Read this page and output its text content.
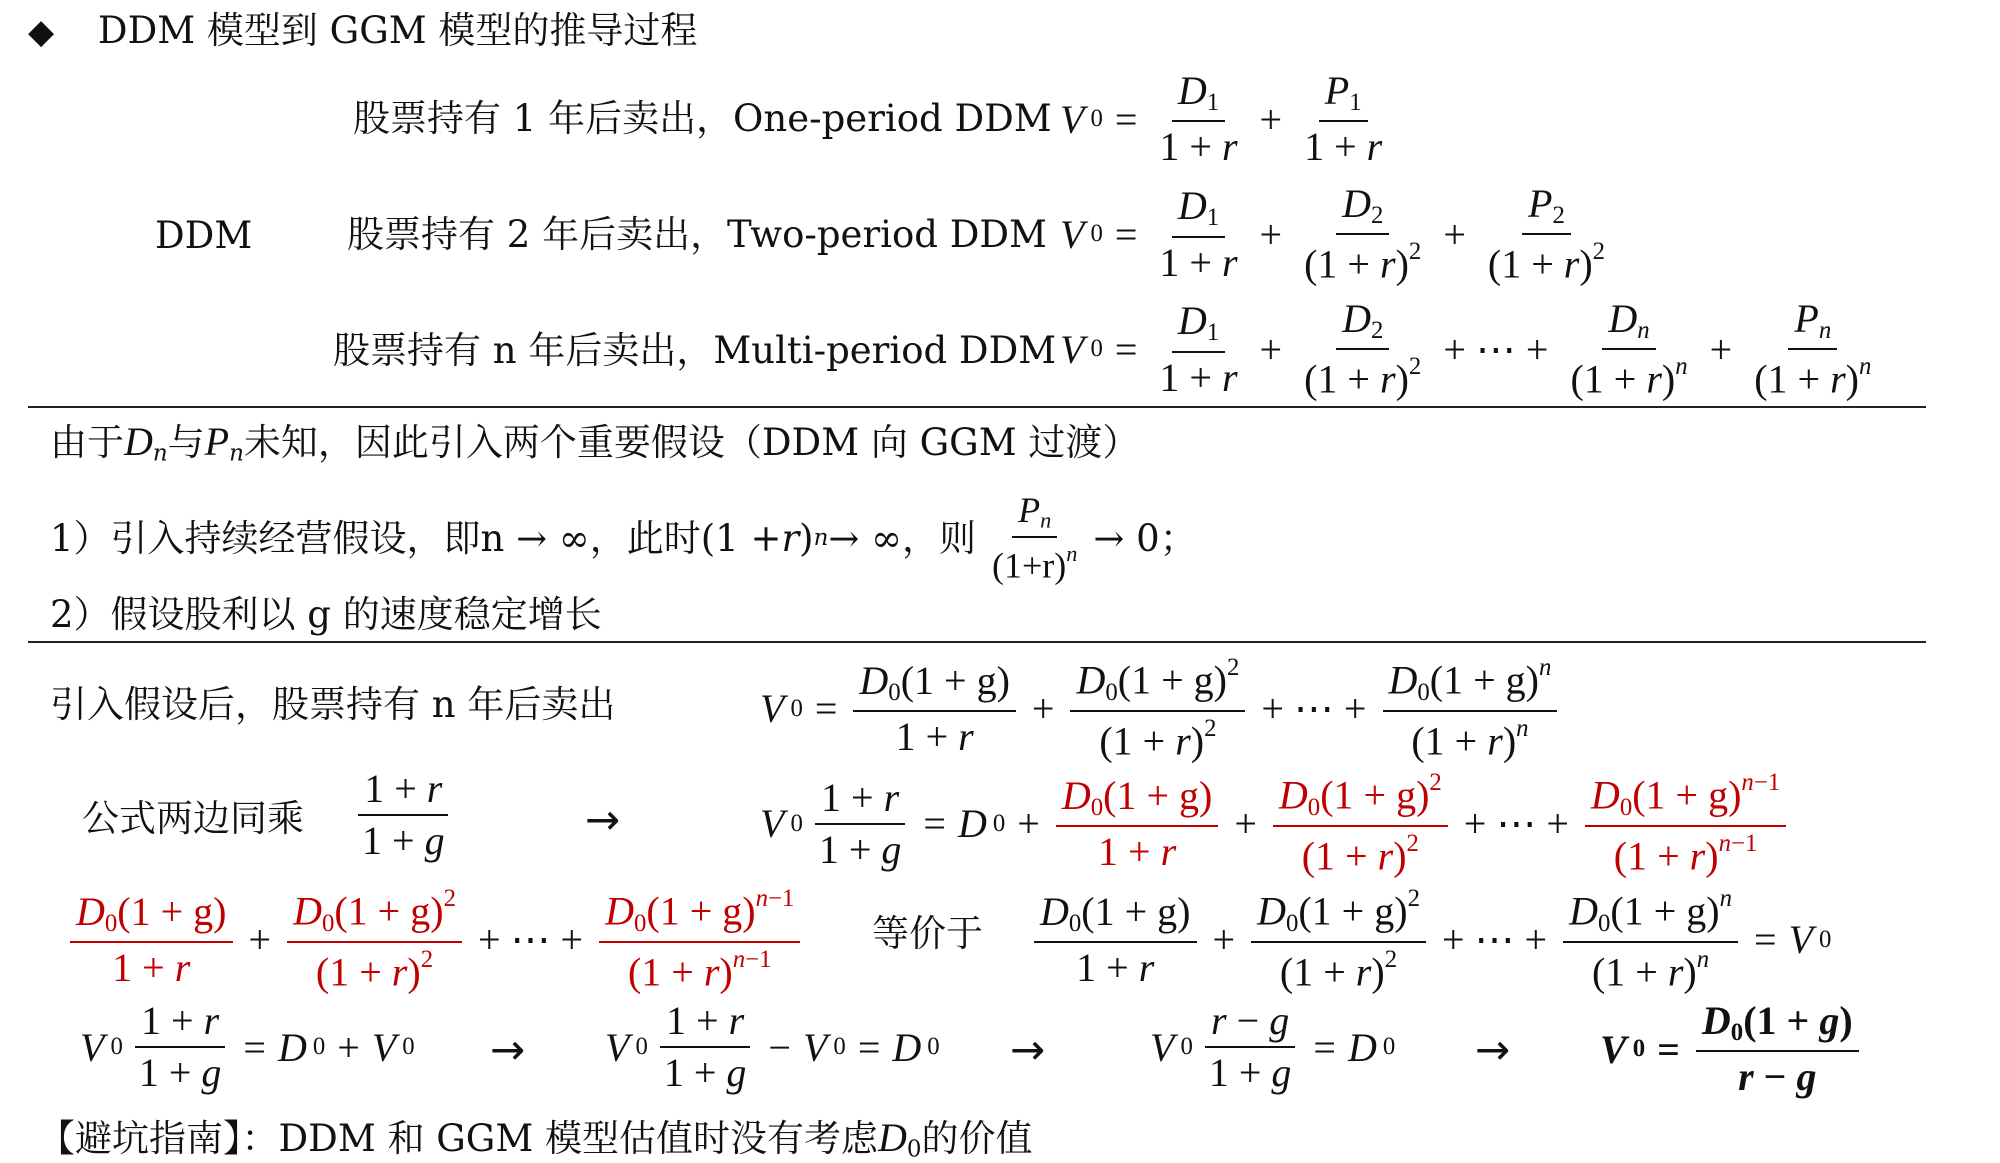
◆ DDM 模型到 GGM 模型的推导过程
DDM
股票持有 1 年后卖出，One-period DDM V $0 = \frac{D_1}{1 + r} + \frac{P_1}{1 + r}$
股票持有 2 年后卖出，Two-period DDM V $0 = \frac{D_1}{1 + r} + \frac{D_2}{(1 + r)^2} + \frac{P_2}{(1 + r)^2}$
股票持有 n 年后卖出，Multi-period DDM V $0 = \frac{D_1}{1 + r} + \frac{D_2}{(1 + r)^2}$ + ⋯ + $\frac{D_n}{(1 + r)^n} + \frac{P_n}{(1 + r)^n}$
由于$D_n$与$P_n$未知，因此引入两个重要假设（DDM 向 GGM 过渡）
1）引入持续经营假设，即n → ∞，此时(1 + r ) n → ∞，则 $\frac{P_n}{(1+r)^n} \to 0$；
2）假设股利以 g 的速度稳定增长
引入假设后，股票持有 n 年后卖出	V $0 = \frac{D_0(1 + g)}{1 + r} + \frac{D_0(1 + g)^2}{(1 + r)^2}$ + ⋯ + $\frac{D_0(1 + g)^n}{(1 + r)^n}$
公式两边同乘 $\frac{1 + r}{1 + g}$	→	V $0 \frac{1 + r}{1 + g} = D$ $0 + \frac{D_0(1 + g)}{1 + r} + \frac{D_0(1 + g)^2}{(1 + r)^2}$ + ⋯ + $\frac{D_0(1 + g)^{n-1}}{(1 + r)^{n-1}}$
$\frac{D_0(1 + g)}{1 + r} + \frac{D_0(1 + g)^2}{(1 + r)^2}$ + ⋯ + $\frac{D_0(1 + g)^{n-1}}{(1 + r)^{n-1}}$ 等价于 $\frac{D_0(1 + g)}{1 + r} + \frac{D_0(1 + g)^2}{(1 + r)^2}$ + ⋯ + $\frac{D_0(1 + g)^n}{(1 + r)^n} = V$ 0
V $0 \frac{1 + r}{1 + g} = D$ 0 + V 0 → V $0 \frac{1 + r}{1 + g} - V$ 0 = D 0 →	V $0 \frac{r - g}{1 + g} = D$ 0 → V $0 = \frac{D_0(1 + g)}{r - g}$
【避坑指南】：DDM 和 GGM 模型估值时没有考虑$D_0$的价值
